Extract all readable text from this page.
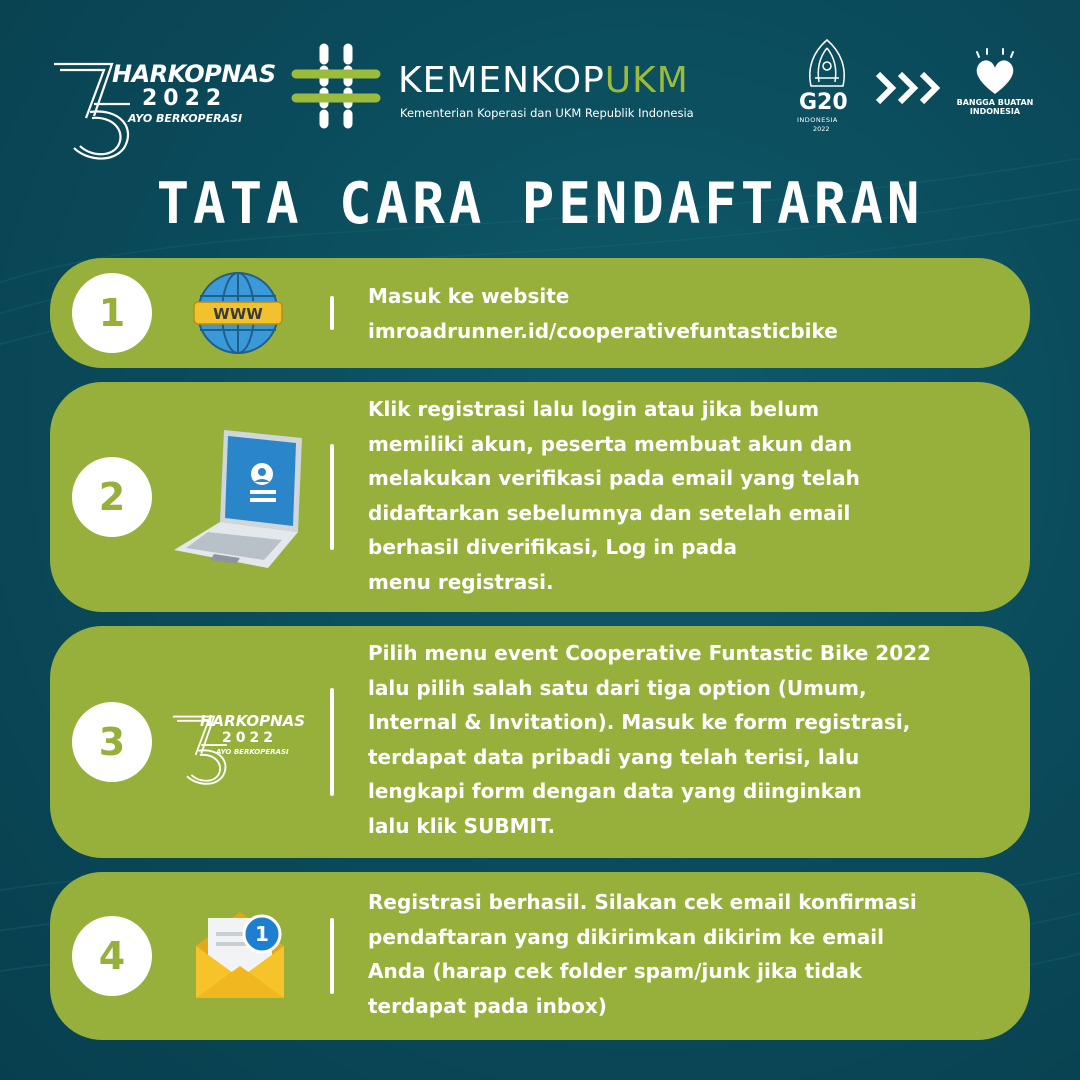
HARKOPNAS
2022
AYO BERKOPERASI
KEMENKOPUKM
Kementerian Koperasi dan UKM Republik Indonesia	G20
INDONESIA
2022
BANGGA BUATAN
INDONESIA
TATA CARA PENDAFTARAN
1	WWW
Masuk ke website
imroadrunner.id/cooperativefuntasticbike
2
Klik registrasi lalu login atau jika belum
memiliki akun, peserta membuat akun dan
melakukan verifikasi pada email yang telah
didaftarkan sebelumnya dan setelah email
berhasil diverifikasi, Log in pada
menu registrasi.
3	HARKOPNAS
2022
AYO BERKOPERASI
Pilih menu event Cooperative Funtastic Bike 2022
lalu pilih salah satu dari tiga option (Umum,
Internal & Invitation). Masuk ke form registrasi,
terdapat data pribadi yang telah terisi, lalu
lengkapi form dengan data yang diinginkan
lalu klik SUBMIT.
4	1
Registrasi berhasil. Silakan cek email konfirmasi
pendaftaran yang dikirimkan dikirim ke email
Anda (harap cek folder spam/junk jika tidak
terdapat pada inbox)
